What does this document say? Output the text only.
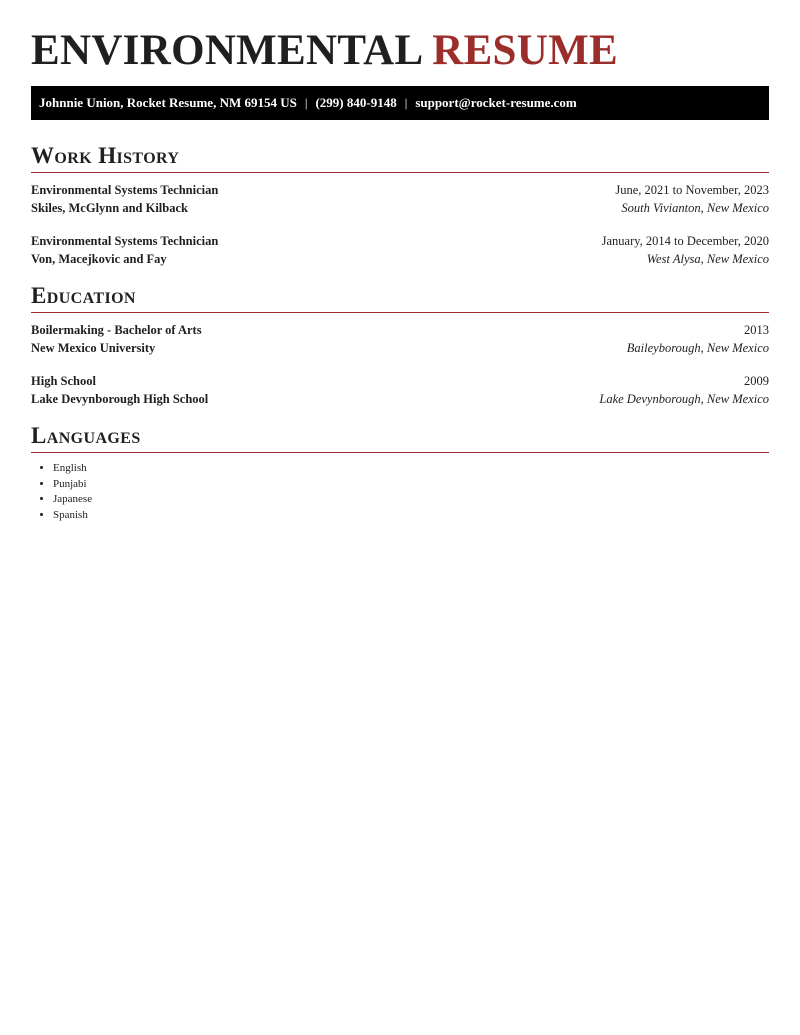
ENVIRONMENTAL RESUME
Johnnie Union, Rocket Resume, NM 69154 US | (299) 840-9148 | support@rocket-resume.com
Work History
Environmental Systems Technician	June, 2021 to November, 2023
Skiles, McGlynn and Kilback	South Vivianton, New Mexico
Environmental Systems Technician	January, 2014 to December, 2020
Von, Macejkovic and Fay	West Alysa, New Mexico
Education
Boilermaking - Bachelor of Arts	2013
New Mexico University	Baileyborough, New Mexico
High School	2009
Lake Devynborough High School	Lake Devynborough, New Mexico
Languages
• English
• Punjabi
• Japanese
• Spanish
